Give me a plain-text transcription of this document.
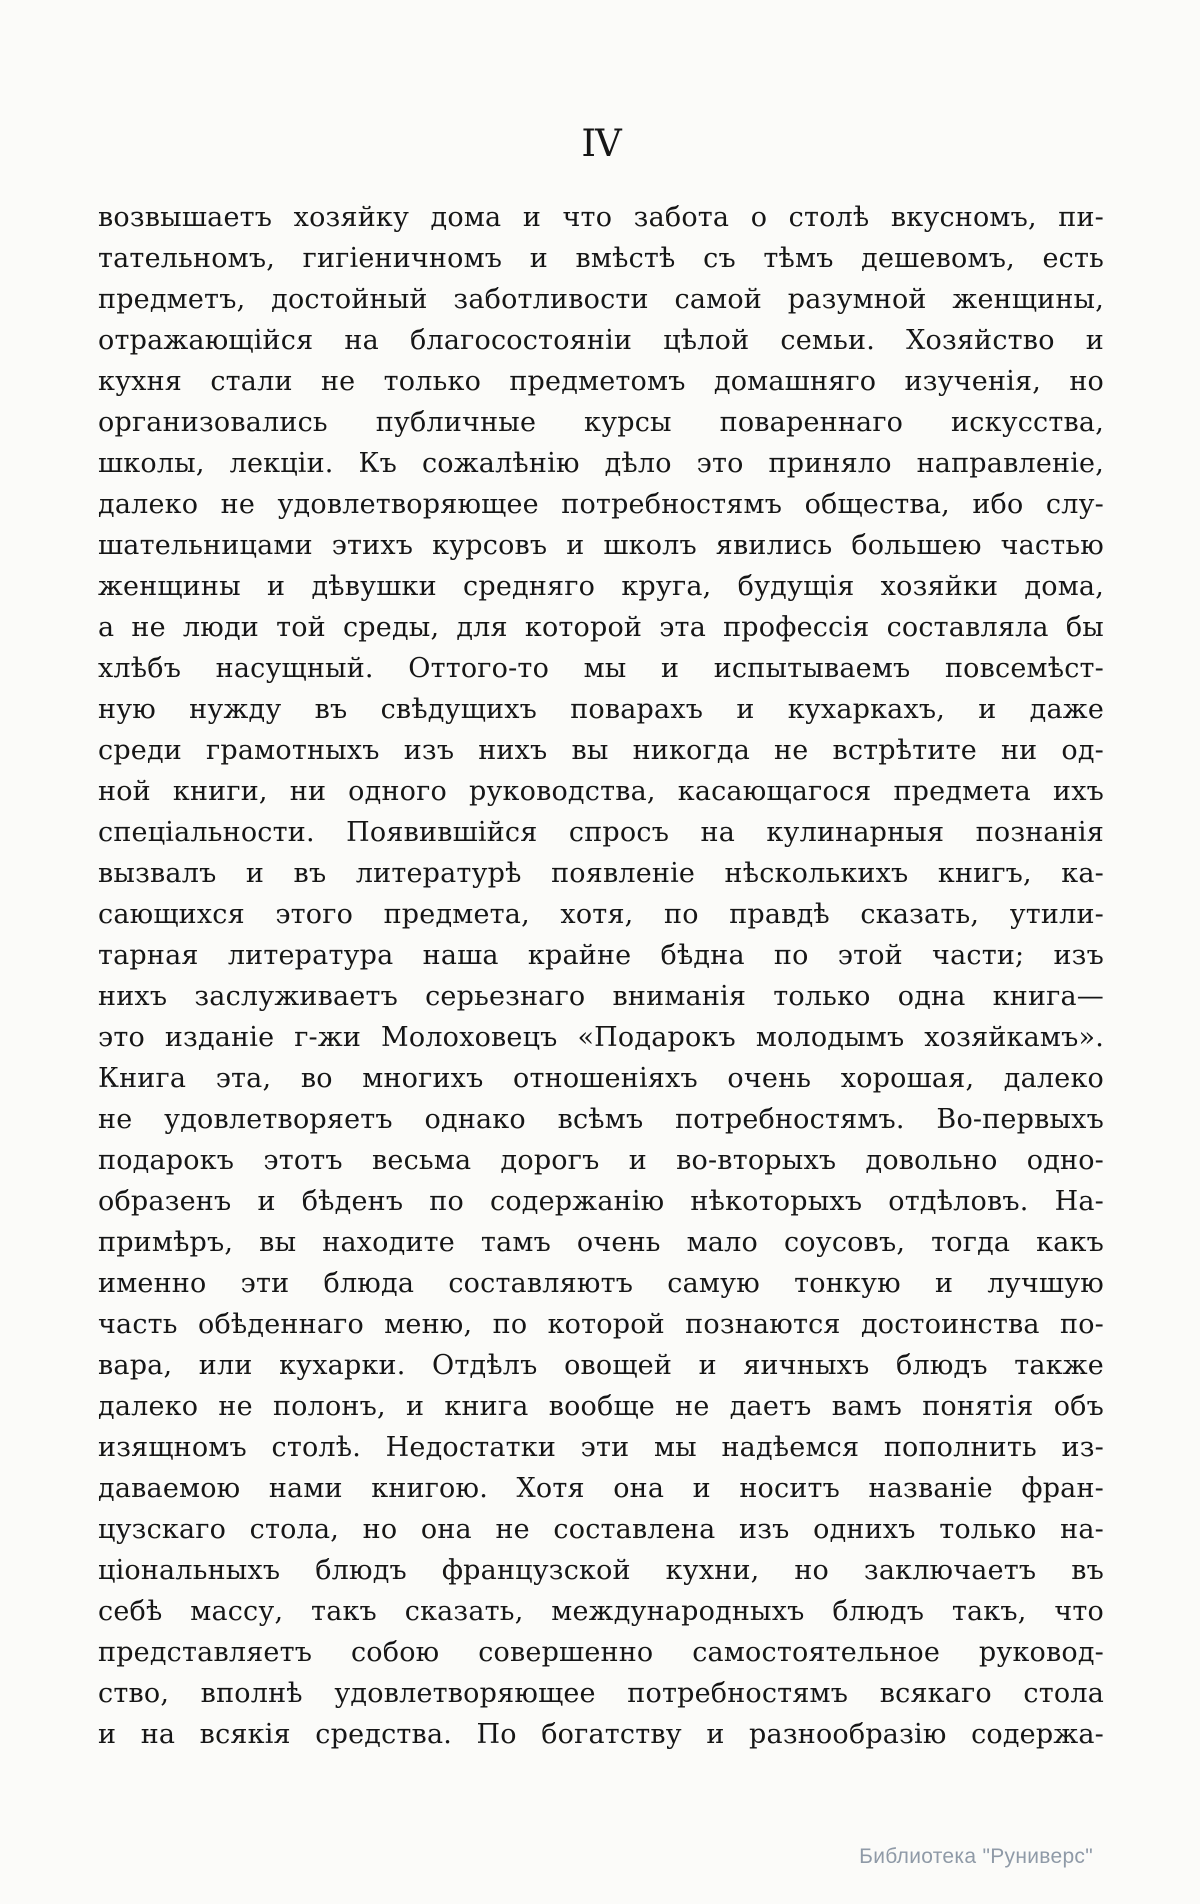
IV
возвышаетъ хозяйку дома и что забота о столѣ вкусномъ, пи-
тательномъ, гигіеничномъ и вмѣстѣ съ тѣмъ дешевомъ, есть
предметъ, достойный заботливости самой разумной женщины,
отражающійся на благосостояніи цѣлой семьи. Хозяйство и
кухня стали не только предметомъ домашняго изученія, но
организовались публичные курсы повареннаго искусства,
школы, лекціи. Къ сожалѣнію дѣло это приняло направленіе,
далеко не удовлетворяющее потребностямъ общества, ибо слу-
шательницами этихъ курсовъ и школъ явились большею частью
женщины и дѣвушки средняго круга, будущія хозяйки дома,
а не люди той среды, для которой эта профессія составляла бы
хлѣбъ насущный. Оттого-то мы и испытываемъ повсемѣст-
ную нужду въ свѣдущихъ поварахъ и кухаркахъ, и даже
среди грамотныхъ изъ нихъ вы никогда не встрѣтите ни од-
ной книги, ни одного руководства, касающагося предмета ихъ
спеціальности. Появившійся спросъ на кулинарныя познанія
вызвалъ и въ литературѣ появленіе нѣсколькихъ книгъ, ка-
сающихся этого предмета, хотя, по правдѣ сказать, утили-
тарная литература наша крайне бѣдна по этой части; изъ
нихъ заслуживаетъ серьезнаго вниманія только одна книга—
это изданіе г-жи Молоховецъ «Подарокъ молодымъ хозяйкамъ».
Книга эта, во многихъ отношеніяхъ очень хорошая, далеко
не удовлетворяетъ однако всѣмъ потребностямъ. Во-первыхъ
подарокъ этотъ весьма дорогъ и во-вторыхъ довольно одно-
образенъ и бѣденъ по содержанію нѣкоторыхъ отдѣловъ. На-
примѣръ, вы находите тамъ очень мало соусовъ, тогда какъ
именно эти блюда составляютъ самую тонкую и лучшую
часть обѣденнаго меню, по которой познаются достоинства по-
вара, или кухарки. Отдѣлъ овощей и яичныхъ блюдъ также
далеко не полонъ, и книга вообще не даетъ вамъ понятія объ
изящномъ столѣ. Недостатки эти мы надѣемся пополнить из-
даваемою нами книгою. Хотя она и носитъ названіе фран-
цузскаго стола, но она не составлена изъ однихъ только на-
ціональныхъ блюдъ французской кухни, но заключаетъ въ
себѣ массу, такъ сказать, международныхъ блюдъ такъ, что
представляетъ собою совершенно самостоятельное руковод-
ство, вполнѣ удовлетворяющее потребностямъ всякаго стола
и на всякія средства. По богатству и разнообразію содержа-
Библиотека "Руниверс"
